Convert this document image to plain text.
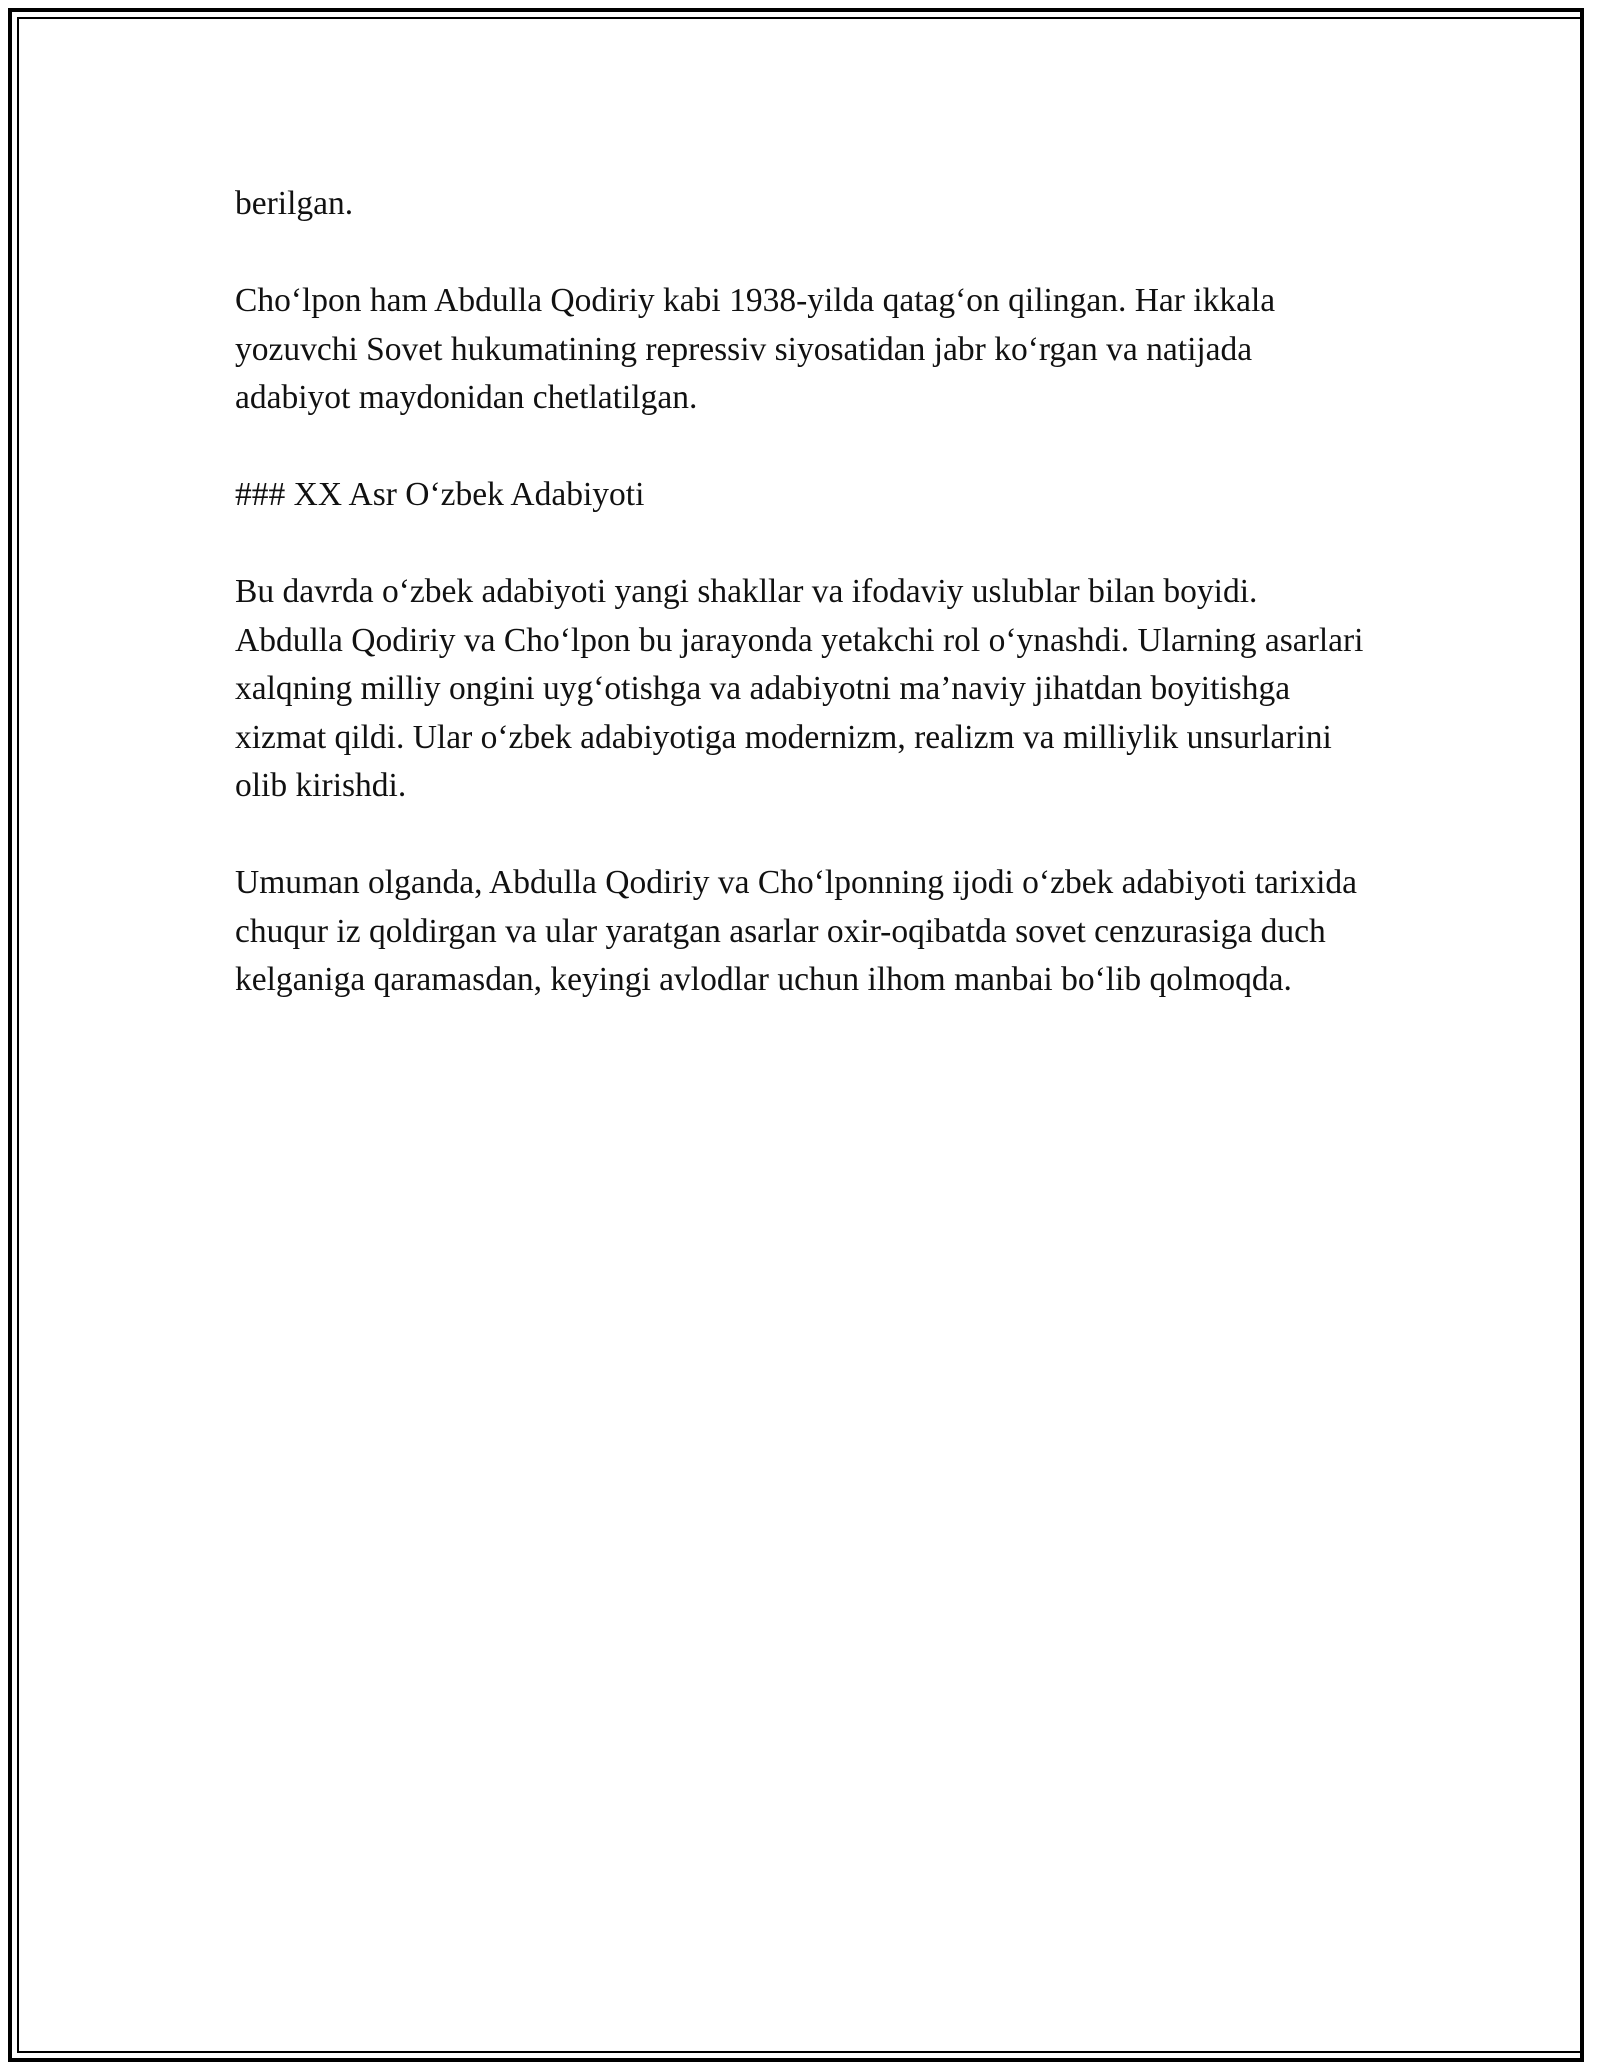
berilgan.

Cho‘lpon ham Abdulla Qodiriy kabi 1938-yilda qatag‘on qilingan. Har ikkala yozuvchi Sovet hukumatining repressiv siyosatidan jabr ko‘rgan va natijada adabiyot maydonidan chetlatilgan.

### XX Asr O‘zbek Adabiyoti

Bu davrda o‘zbek adabiyoti yangi shakllar va ifodaviy uslublar bilan boyidi. Abdulla Qodiriy va Cho‘lpon bu jarayonda yetakchi rol o‘ynashdi. Ularning asarlari xalqning milliy ongini uyg‘otishga va adabiyotni ma’naviy jihatdan boyitishga xizmat qildi. Ular o‘zbek adabiyotiga modernizm, realizm va milliylik unsurlarini olib kirishdi.

Umuman olganda, Abdulla Qodiriy va Cho‘lponning ijodi o‘zbek adabiyoti tarixida chuqur iz qoldirgan va ular yaratgan asarlar oxir-oqibatda sovet cenzurasiga duch kelganiga qaramasdan, keyingi avlodlar uchun ilhom manbai bo‘lib qolmoqda.
